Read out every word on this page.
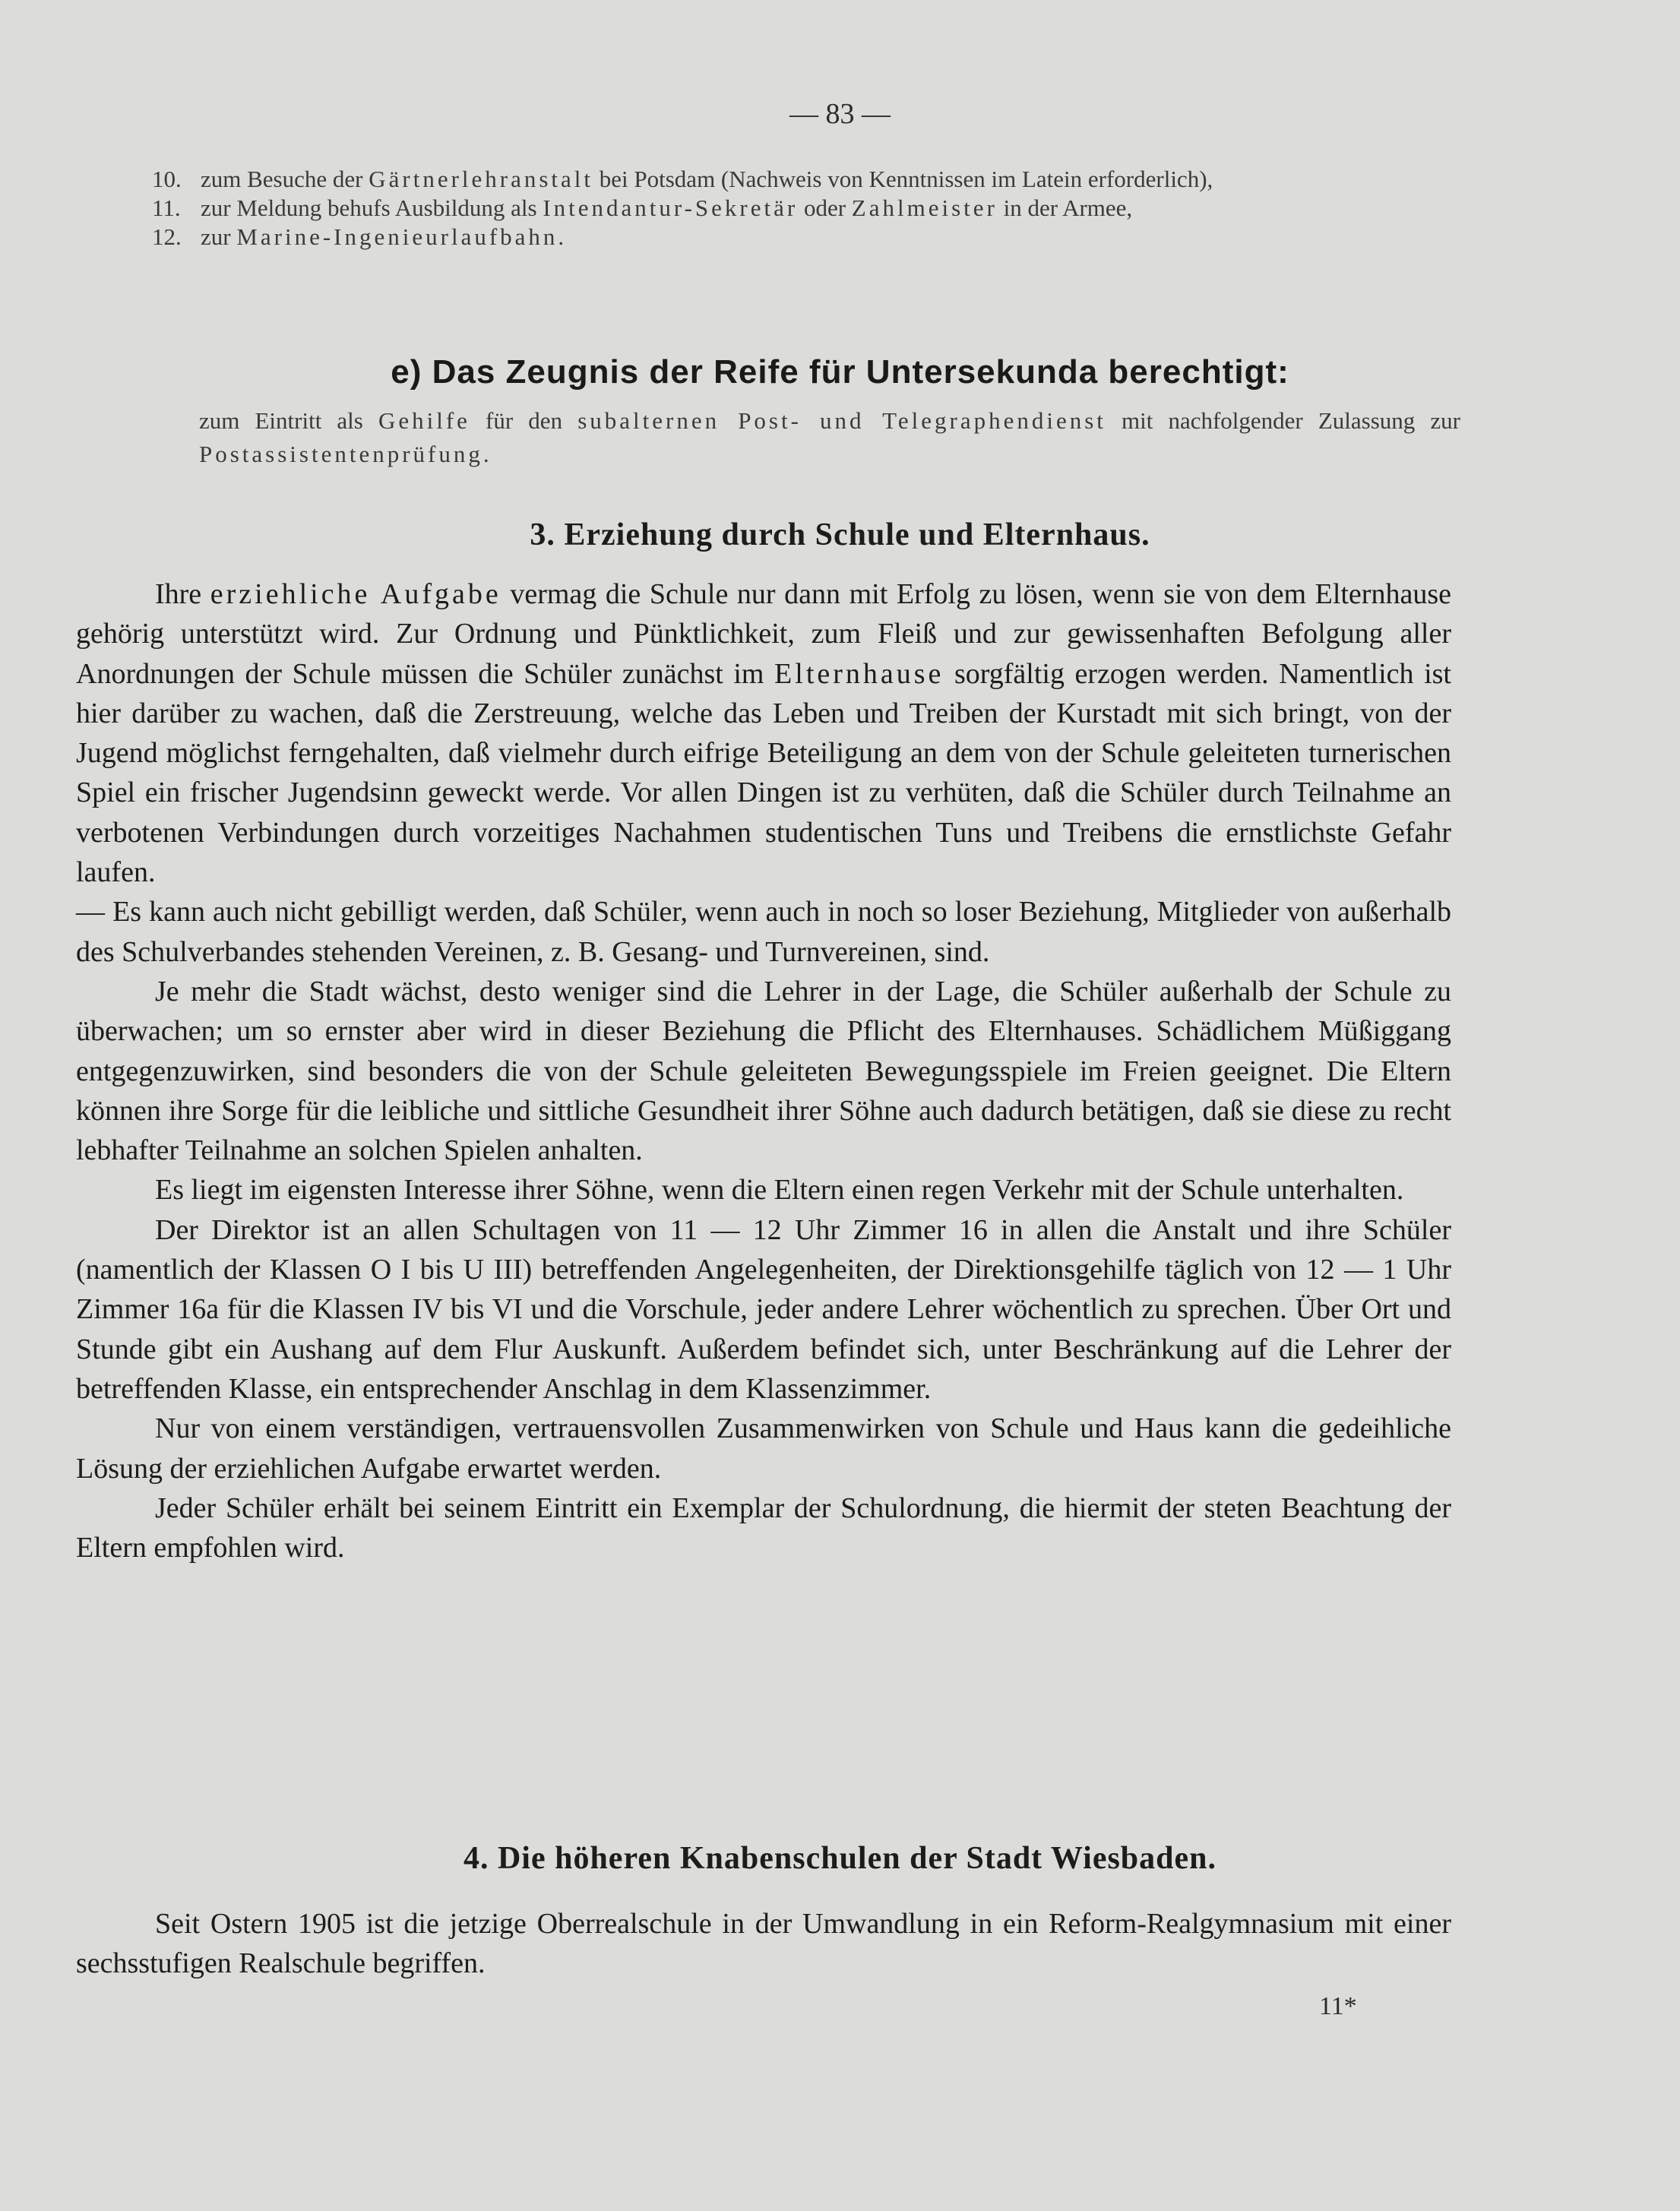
— 83 —
10. zum Besuche der Gärtnerlehranstalt bei Potsdam (Nachweis von Kenntnissen im Latein erforderlich),
11. zur Meldung behufs Ausbildung als Intendantur-Sekretär oder Zahlmeister in der Armee,
12. zur Marine-Ingenieurlaufbahn.
e) Das Zeugnis der Reife für Untersekunda berechtigt:
zum Eintritt als Gehilfe für den subalternen Post- und Telegraphendienst mit nachfolgender Zulassung zur Postassistentenprüfung.
3. Erziehung durch Schule und Elternhaus.

Ihre erziehliche Aufgabe vermag die Schule nur dann mit Erfolg zu lösen, wenn sie von dem Elternhause gehörig unterstützt wird. Zur Ordnung und Pünktlichkeit, zum Fleiß und zur gewissenhaften Befolgung aller Anordnungen der Schule müssen die Schüler zunächst im Elternhause sorgfältig erzogen werden. Namentlich ist hier darüber zu wachen, daß die Zerstreuung, welche das Leben und Treiben der Kurstadt mit sich bringt, von der Jugend möglichst ferngehalten, daß vielmehr durch eifrige Beteiligung an dem von der Schule geleiteten turnerischen Spiel ein frischer Jugendsinn geweckt werde. Vor allen Dingen ist zu verhüten, daß die Schüler durch Teilnahme an verbotenen Verbindungen durch vorzeitiges Nachahmen studentischen Tuns und Treibens die ernstlichste Gefahr laufen.

— Es kann auch nicht gebilligt werden, daß Schüler, wenn auch in noch so loser Beziehung, Mitglieder von außerhalb des Schulverbandes stehenden Vereinen, z. B. Gesang- und Turnvereinen, sind.

Je mehr die Stadt wächst, desto weniger sind die Lehrer in der Lage, die Schüler außerhalb der Schule zu überwachen; um so ernster aber wird in dieser Beziehung die Pflicht des Elternhauses. Schädlichem Müßiggang entgegenzuwirken, sind besonders die von der Schule geleiteten Bewegungsspiele im Freien geeignet. Die Eltern können ihre Sorge für die leibliche und sittliche Gesundheit ihrer Söhne auch dadurch betätigen, daß sie diese zu recht lebhafter Teilnahme an solchen Spielen anhalten.

Es liegt im eigensten Interesse ihrer Söhne, wenn die Eltern einen regen Verkehr mit der Schule unterhalten.

Der Direktor ist an allen Schultagen von 11 — 12 Uhr Zimmer 16 in allen die Anstalt und ihre Schüler (namentlich der Klassen O I bis U III) betreffenden Angelegenheiten, der Direktionsgehilfe täglich von 12 — 1 Uhr Zimmer 16a für die Klassen IV bis VI und die Vorschule, jeder andere Lehrer wöchentlich zu sprechen. Über Ort und Stunde gibt ein Aushang auf dem Flur Auskunft. Außerdem befindet sich, unter Beschränkung auf die Lehrer der betreffenden Klasse, ein entsprechender Anschlag in dem Klassenzimmer.

Nur von einem verständigen, vertrauensvollen Zusammenwirken von Schule und Haus kann die gedeihliche Lösung der erziehlichen Aufgabe erwartet werden.

Jeder Schüler erhält bei seinem Eintritt ein Exemplar der Schulordnung, die hiermit der steten Beachtung der Eltern empfohlen wird.

4. Die höheren Knabenschulen der Stadt Wiesbaden.

Seit Ostern 1905 ist die jetzige Oberrealschule in der Umwandlung in ein Reform-Realgymnasium mit einer sechsstufigen Realschule begriffen.

11*
